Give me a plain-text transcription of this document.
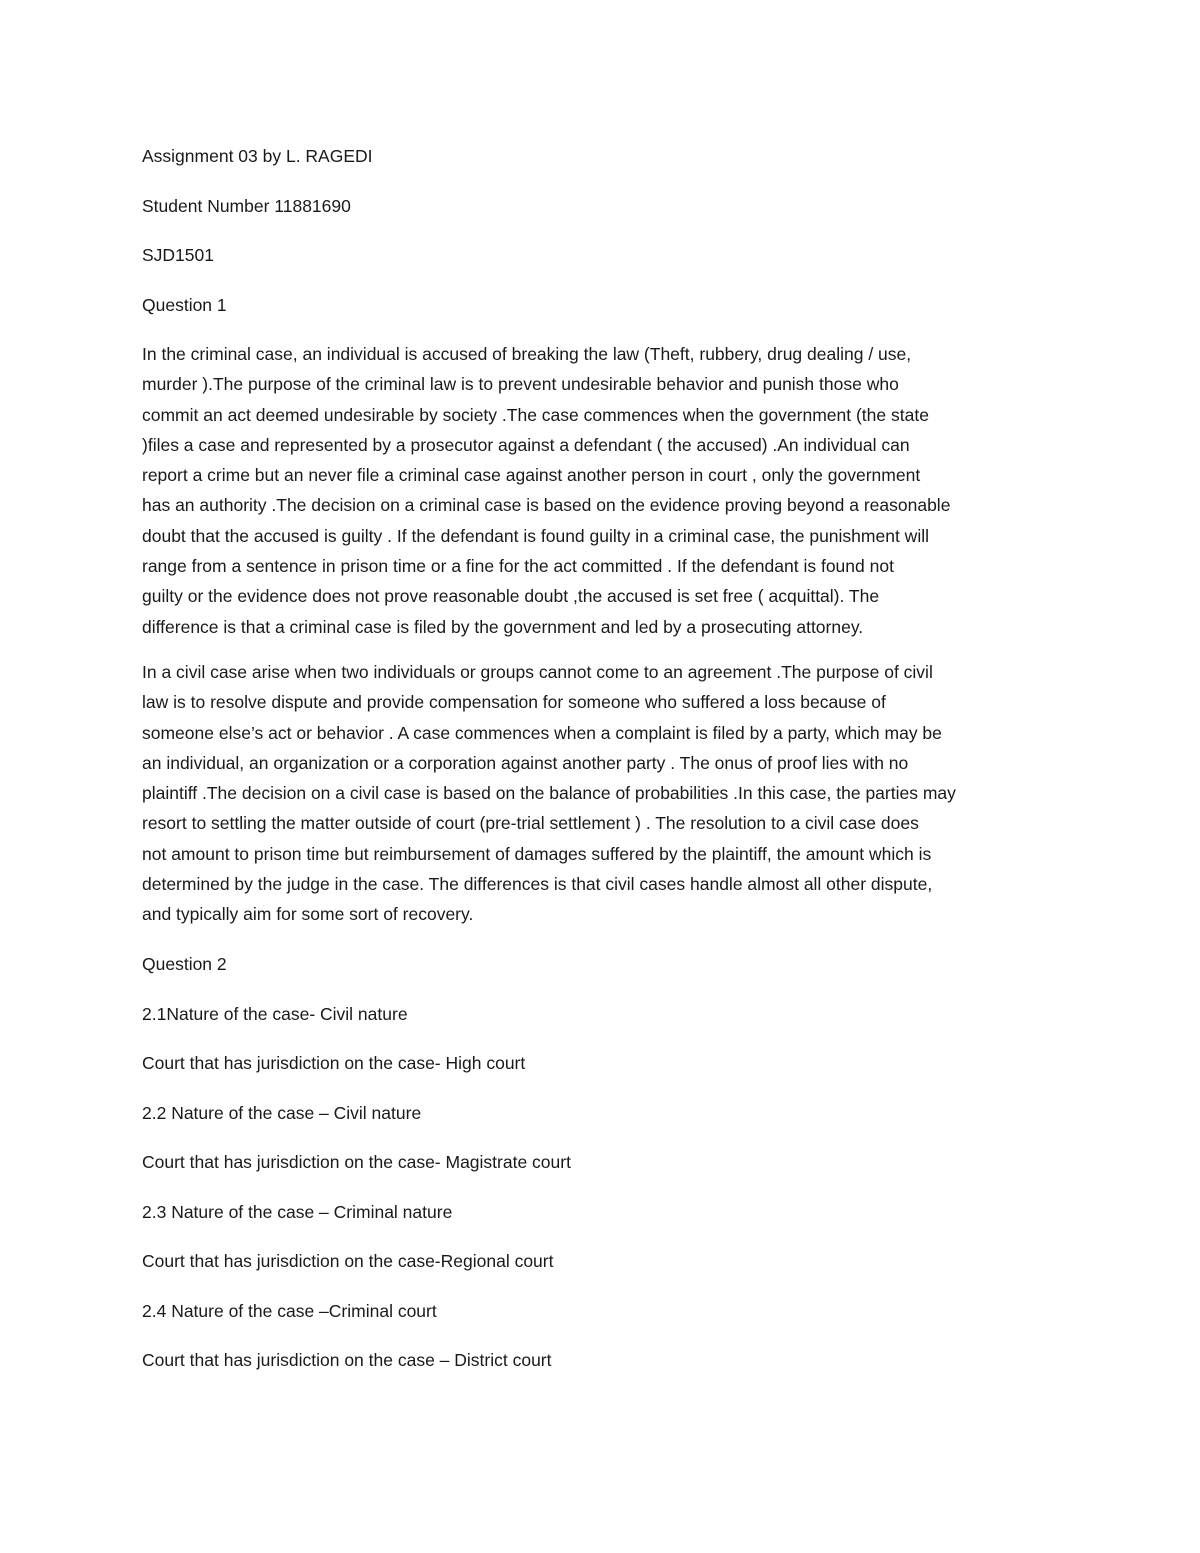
Assignment 03 by L. RAGEDI
Student Number 11881690
SJD1501
Question 1
In the criminal case, an individual is accused of breaking the law (Theft, rubbery, drug dealing / use,
murder ).The purpose of the criminal law is to prevent undesirable behavior and punish those who
commit an act deemed undesirable by society .The case commences when the government (the state
)files a case and represented by a prosecutor against a defendant ( the accused) .An individual can
report a crime but an never file a criminal case against another person in court , only the government
has an authority .The decision on a criminal case is based on the evidence proving beyond a reasonable
doubt that the accused is guilty . If the defendant is found guilty in a criminal case, the punishment will
range from a sentence in prison time or a fine for the act committed . If the defendant is found not
guilty or the evidence does not prove reasonable doubt ,the accused is set free ( acquittal). The
difference is that a criminal case is filed by the government and led by a prosecuting attorney.
In a civil case arise when two individuals or groups cannot come to an agreement .The purpose of civil
law is to resolve dispute and provide compensation for someone who suffered a loss because of
someone else’s act or behavior . A case commences when a complaint is filed by a party, which may be
an individual, an organization or a corporation against another party . The onus of proof lies with no
plaintiff .The decision on a civil case is based on the balance of probabilities .In this case, the parties may
resort to settling the matter outside of court (pre-trial settlement ) . The resolution to a civil case does
not amount to prison time but reimbursement of damages suffered by the plaintiff, the amount which is
determined by the judge in the case. The differences is that civil cases handle almost all other dispute,
and typically aim for some sort of recovery.
Question 2
2.1Nature of the case- Civil nature
Court that has jurisdiction on the case- High court
2.2 Nature of the case – Civil nature
Court that has jurisdiction on the case- Magistrate court
2.3 Nature of the case – Criminal nature
Court that has jurisdiction on the case-Regional court
2.4 Nature of the case –Criminal court
Court that has jurisdiction on the case – District court
